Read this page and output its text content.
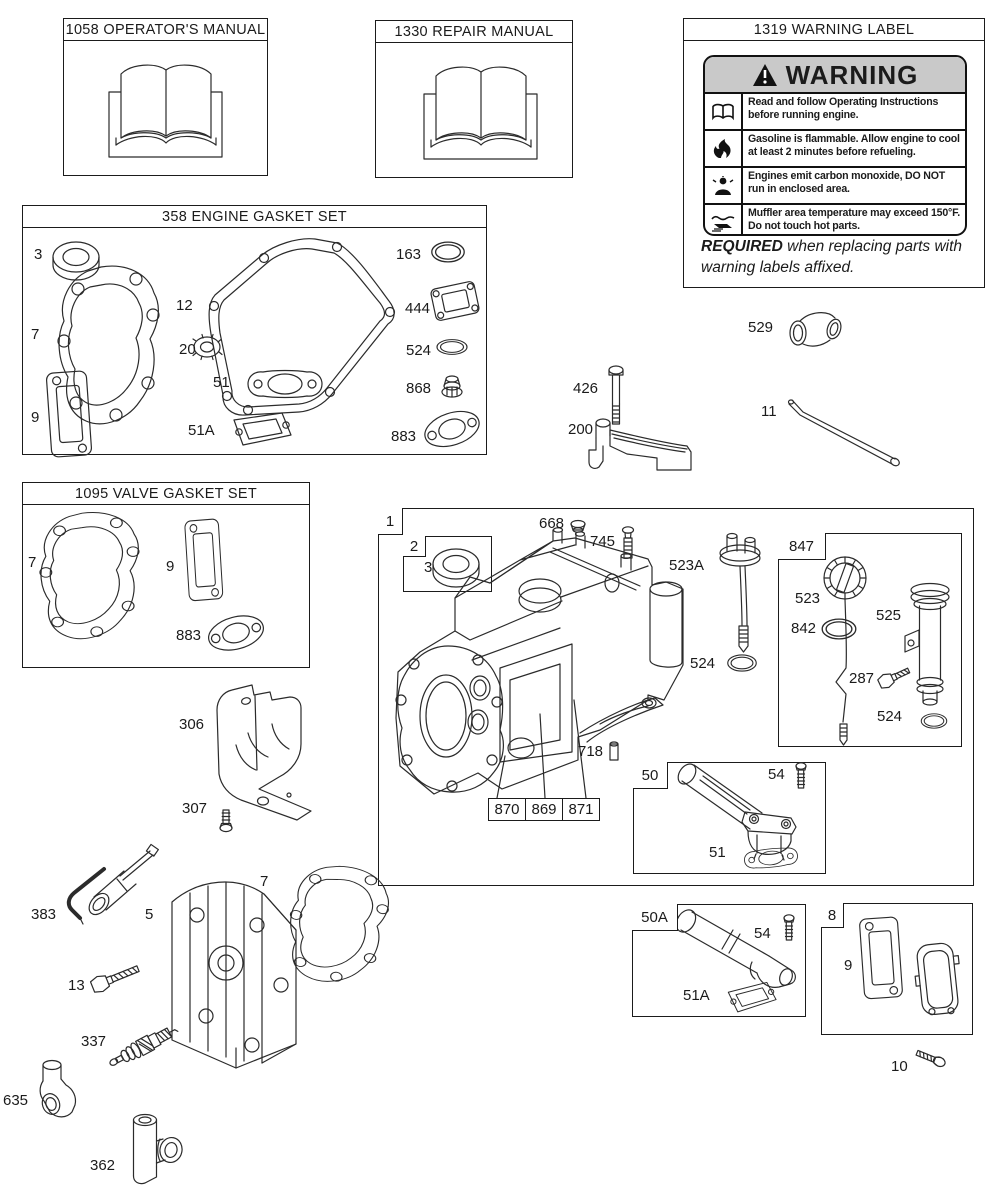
1058 OPERATOR'S MANUAL	1330 REPAIR MANUAL	1319 WARNING LABEL
358 ENGINE GASKET SET
1095 VALVE GASKET SET
1
2	847
50
50A	8
WARNING
Read and follow Operating Instructions before running engine.
Gasoline is flammable. Allow engine to cool at least 2 minutes before refueling.
Engines emit carbon monoxide, DO NOT run in enclosed area.
Muffler area temperature may exceed 150°F. Do not touch hot parts.
REQUIRED when replacing parts with warning labels affixed.
3
7
9
12
20
51
51A
163
444
524
868
883
7	9
883
529
426
200
11
3
668
745
523A
524
718
523
842
525
287
524
54
51
54
51A
9
10
306
307
383	5
7
13
337
635
362
870 869 871
